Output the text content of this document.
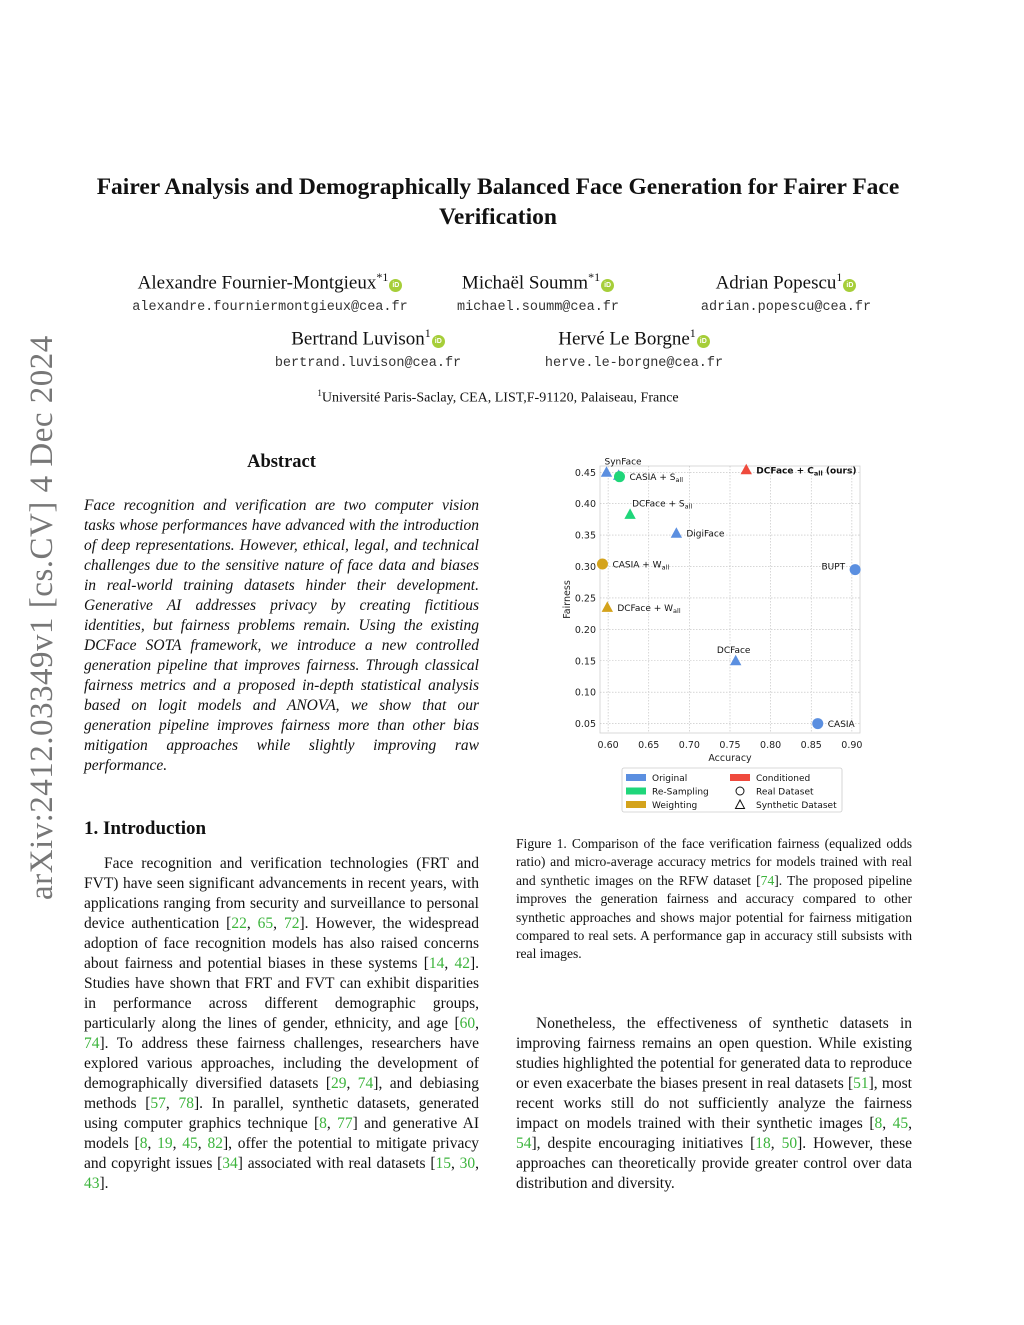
arXiv:2412.03349v1 [cs.CV] 4 Dec 2024
Fairer Analysis and Demographically Balanced Face Generation for Fairer Face Verification
Alexandre Fournier-Montgieux$^{*1}$iD
alexandre.fourniermontgieux@cea.fr
Michaël Soumm$^{*1}$iD
michael.soumm@cea.fr
Adrian Popescu$^1$iD
adrian.popescu@cea.fr
Bertrand Luvison$^1$iD
bertrand.luvison@cea.fr
Hervé Le Borgne$^1$iD
herve.le-borgne@cea.fr
$^1$Université Paris-Saclay, CEA, LIST,F-91120, Palaiseau, France
Abstract
Face recognition and verification are two computer vision tasks whose performances have advanced with the introduction of deep representations. However, ethical, legal, and technical challenges due to the sensitive nature of face data and biases in real-world training datasets hinder their development. Generative AI addresses privacy by creating fictitious identities, but fairness problems remain. Using the existing DCFace SOTA framework, we introduce a new controlled generation pipeline that improves fairness. Through classical fairness metrics and a proposed in-depth statistical analysis based on logit models and ANOVA, we show that our generation pipeline improves fairness more than other bias mitigation approaches while slightly improving raw performance.
1. Introduction

Face recognition and verification technologies (FRT and FVT) have seen significant advancements in recent years, with applications ranging from security and surveillance to personal device authentication [22, 65, 72]. However, the widespread adoption of face recognition models has also raised concerns about fairness and potential biases in these systems [14, 42]. Studies have shown that FRT and FVT can exhibit disparities in performance across different demographic groups, particularly along the lines of gender, ethnicity, and age [60, 74]. To address these fairness challenges, researchers have explored various approaches, including the development of demographically diversified datasets [29, 74], and debiasing methods [57, 78]. In parallel, synthetic datasets, generated using computer graphics technique [8, 77] and generative AI models [8, 19, 45, 82], offer the potential to mitigate privacy and copyright issues [34] associated with real datasets [15, 30, 43].

Nonetheless, the effectiveness of synthetic datasets in improving fairness remains an open question. While existing studies highlighted the potential for generated data to reproduce or even exacerbate the biases present in real datasets [51], most recent works still do not sufficiently analyze the fairness impact on models trained with their synthetic images [8, 45, 54], despite encouraging initiatives [18, 50]. However, these approaches can theoretically provide greater control over data distribution and diversity.

0.60 0.65 0.70 0.75 0.80 0.85 0.90
0.05
0.10
0.15
0.20
0.25
0.30
0.35
0.40
0.45
Accuracy
Fairness
SynFace
CASIA + $S_{all}$
DCFace + $S_{all}$
DigiFace
CASIA + $W_{all}$
DCFace + $W_{all}$
BUPT
DCFace
CASIA
DCFace + $C_{all}$ (ours)
Original
Re-Sampling
Weighting
Conditioned
Real Dataset
Synthetic Dataset
Figure 1. Comparison of the face verification fairness (equalized odds ratio) and micro-average accuracy metrics for models trained with real and synthetic images on the RFW dataset [74]. The proposed pipeline improves the generation fairness and accuracy compared to other synthetic approaches and shows major potential for fairness mitigation compared to real sets. A performance gap in accuracy still subsists with real images.
